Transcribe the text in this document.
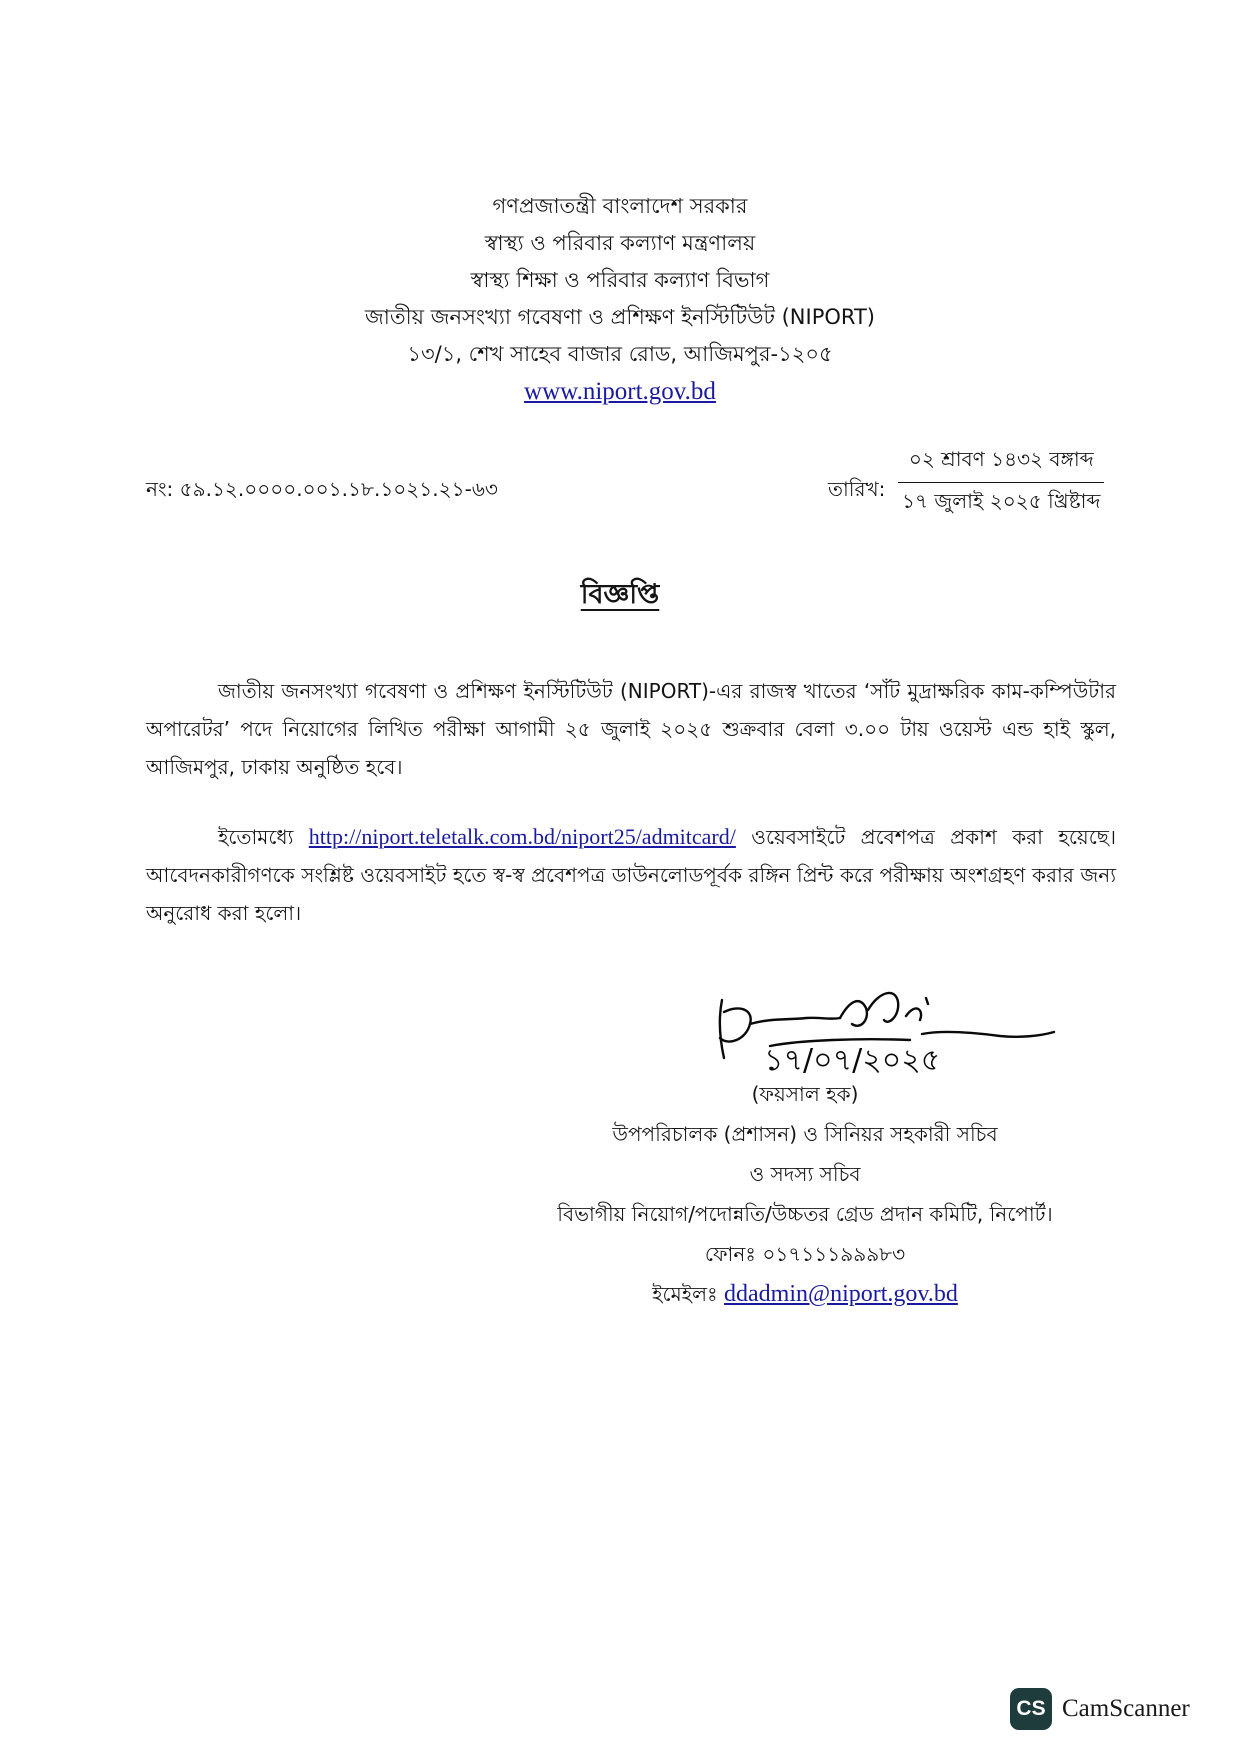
গণপ্রজাতন্ত্রী বাংলাদেশ সরকার
স্বাস্থ্য ও পরিবার কল্যাণ মন্ত্রণালয়
স্বাস্থ্য শিক্ষা ও পরিবার কল্যাণ বিভাগ
জাতীয় জনসংখ্যা গবেষণা ও প্রশিক্ষণ ইনস্টিটিউট (NIPORT)
১৩/১, শেখ সাহেব বাজার রোড, আজিমপুর-১২০৫
www.niport.gov.bd
নং: ৫৯.১২.০০০০.০০১.১৮.১০২১.২১-৬৩	তারিখ:
০২ শ্রাবণ ১৪৩২ বঙ্গাব্দ
১৭ জুলাই ২০২৫ খ্রিষ্টাব্দ
বিজ্ঞপ্তি
জাতীয় জনসংখ্যা গবেষণা ও প্রশিক্ষণ ইনস্টিটিউট (NIPORT)-এর রাজস্ব খাতের ‘সাঁট মুদ্রাক্ষরিক কাম-কম্পিউটার অপারেটর’ পদে নিয়োগের লিখিত পরীক্ষা আগামী ২৫ জুলাই ২০২৫ শুক্রবার বেলা ৩.০০ টায় ওয়েস্ট এন্ড হাই স্কুল, আজিমপুর, ঢাকায় অনুষ্ঠিত হবে।
ইতোমধ্যে http://niport.teletalk.com.bd/niport25/admitcard/ ওয়েবসাইটে প্রবেশপত্র প্রকাশ করা হয়েছে। আবেদনকারীগণকে সংশ্লিষ্ট ওয়েবসাইট হতে স্ব-স্ব প্রবেশপত্র ডাউনলোডপূর্বক রঙ্গিন প্রিন্ট করে পরীক্ষায় অংশগ্রহণ করার জন্য অনুরোধ করা হলো।
১৭/০৭/২০২৫
(ফয়সাল হক)
উপপরিচালক (প্রশাসন) ও সিনিয়র সহকারী সচিব
ও সদস্য সচিব
বিভাগীয় নিয়োগ/পদোন্নতি/উচ্চতর গ্রেড প্রদান কমিটি, নিপোর্ট।
ফোনঃ ০১৭১১১৯৯৯৮৩
ইমেইলঃ ddadmin@niport.gov.bd
CS CamScanner
